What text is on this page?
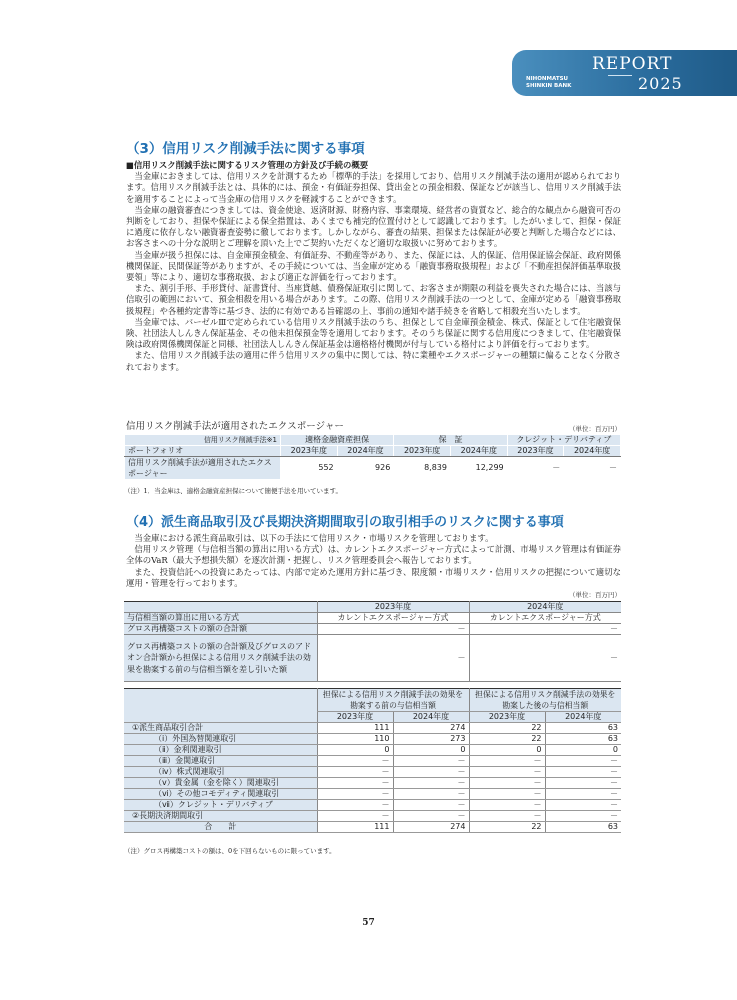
REPORT
NIHONMATSU
SHINKIN BANK	2025
（3）信用リスク削減手法に関する事項

■信用リスク削減手法に関するリスク管理の方針及び手続の概要

当金庫におきましては、信用リスクを計測するため「標準的手法」を採用しており、信用リスク削減手法の適用が認められております。信用リスク削減手法とは、具体的には、預金・有価証券担保、貸出金との預金相殺、保証などが該当し、信用リスク削減手法を適用することによって当金庫の信用リスクを軽減することができます。

当金庫の融資審査につきましては、資金使途、返済財源、財務内容、事業環境、経営者の資質など、総合的な観点から融資可否の判断をしており、担保や保証による保全措置は、あくまでも補完的位置付けとして認識しております。したがいまして、担保・保証に過度に依存しない融資審査姿勢に徹しております。しかしながら、審査の結果、担保または保証が必要と判断した場合などには、お客さまへの十分な説明とご理解を頂いた上でご契約いただくなど適切な取扱いに努めております。

当金庫が扱う担保には、自金庫預金積金、有価証券、不動産等があり、また、保証には、人的保証、信用保証協会保証、政府関係機関保証、民間保証等がありますが、その手続については、当金庫が定める「融資事務取扱規程」および「不動産担保評価基準取扱要領」等により、適切な事務取扱、および適正な評価を行っております。

また、割引手形、手形貸付、証書貸付、当座貸越、債務保証取引に関して、お客さまが期限の利益を喪失された場合には、当該与信取引の範囲において、預金相殺を用いる場合があります。この際、信用リスク削減手法の一つとして、金庫が定める「融資事務取扱規程」や各種約定書等に基づき、法的に有効である旨確認の上、事前の通知や諸手続きを省略して相殺充当いたします。

当金庫では、バーゼルⅢで定められている信用リスク削減手法のうち、担保として自金庫預金積金、株式、保証として住宅融資保険、社団法人しんきん保証基金、その他未担保預金等を適用しております。そのうち保証に関する信用度につきまして、住宅融資保険は政府関係機関保証と同様、社団法人しんきん保証基金は適格格付機関が付与している格付により評価を行っております。

また、信用リスク削減手法の適用に伴う信用リスクの集中に関しては、特に業種やエクスポージャーの種類に偏ることなく分散されております。

信用リスク削減手法が適用されたエクスポージャー	（単位：百万円）
信用リスク削減手法※1	適格金融資産担保		保　証		クレジット・デリバティブ	
ポートフォリオ	2023年度	2024年度	2023年度	2024年度	2023年度	2024年度
信用リスク削減手法が適用されたエクスポージャー	552	926	8,839	12,299	－	－
（注）1．当金庫は、適格金融資産担保について簡便手法を用いています。
（4）派生商品取引及び長期決済期間取引の取引相手のリスクに関する事項

当金庫における派生商品取引は、以下の手法にて信用リスク・市場リスクを管理しております。

信用リスク管理（与信相当額の算出に用いる方式）は、カレントエクスポージャー方式によって計測、市場リスク管理は有価証券全体のVaR（最大予想損失額）を逐次計測・把握し、リスク管理委員会へ報告しております。

また、投資信託への投資にあたっては、内部で定めた運用方針に基づき、限度額・市場リスク・信用リスクの把握について適切な運用・管理を行っております。

（単位：百万円）
	2023年度	2024年度
与信相当額の算出に用いる方式	カレントエクスポージャー方式	カレントエクスポージャー方式
グロス再構築コストの額の合計額	－	－
グロス再構築コストの額の合計額及びグロスのアドオン合計額から担保による信用リスク削減手法の効果を勘案する前の与信相当額を差し引いた額	－	－
	担保による信用リスク削減手法の効果を勘案する前の与信相当額		担保による信用リスク削減手法の効果を勘案した後の与信相当額	
	2023年度	2024年度	2023年度	2024年度
①派生商品取引合計	111	274	22	63
（ⅰ）外国為替関連取引	110	273	22	63
（ⅱ）金利関連取引	0	0	0	0
（ⅲ）金関連取引	－	－	－	－
（ⅳ）株式関連取引	－	－	－	－
（ⅴ）貴金属（金を除く）関連取引	－	－	－	－
（ⅵ）その他コモディティ関連取引	－	－	－	－
（ⅶ）クレジット・デリバティブ	－	－	－	－
②長期決済期間取引	－	－	－	－
合　　計	111	274	22	63
（注）グロス再構築コストの額は、0を下回らないものに限っています。
57
